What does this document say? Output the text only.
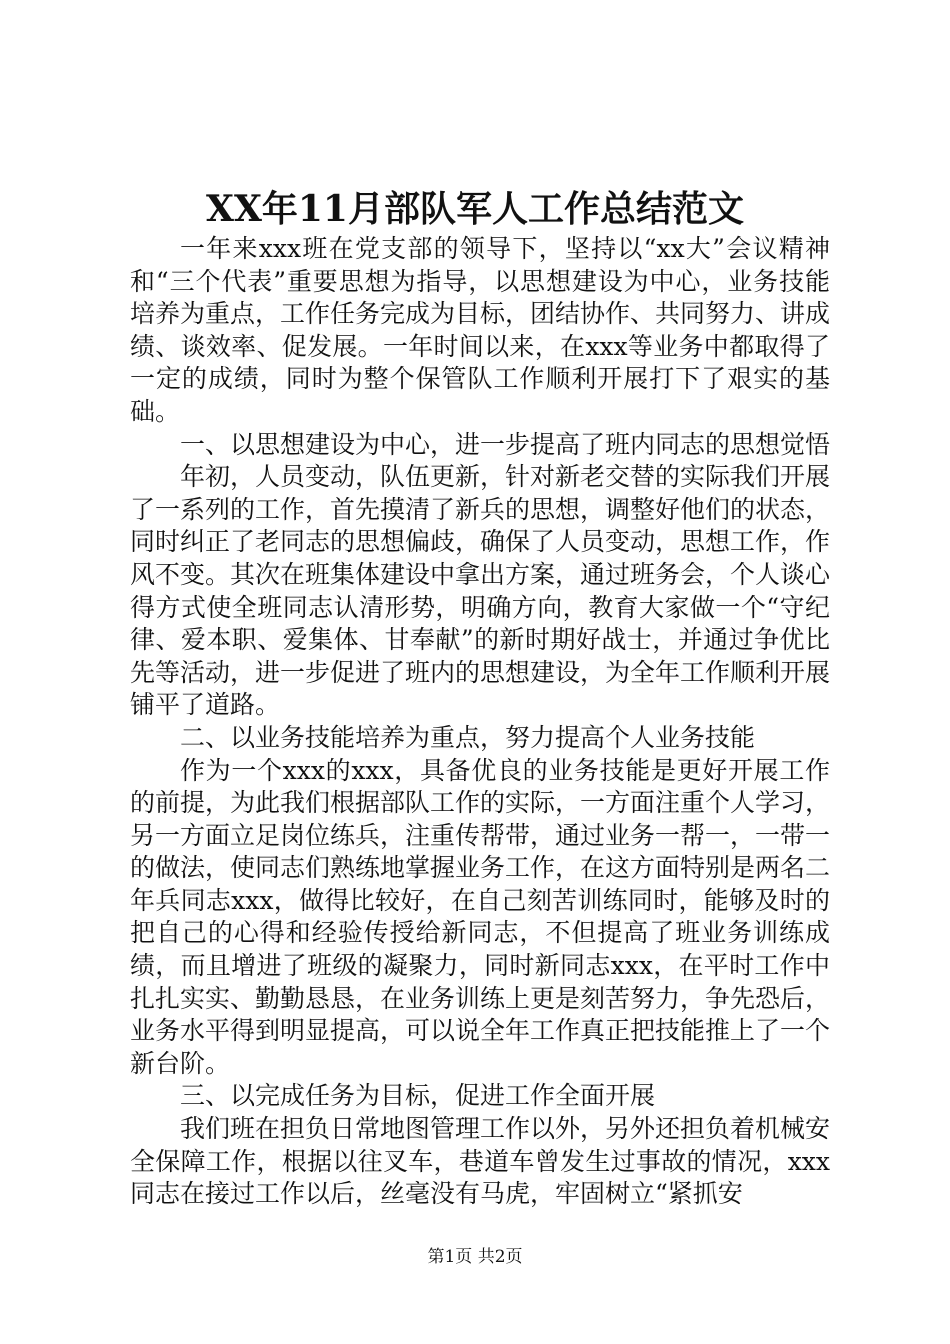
XX年11月部队军人工作总结范文

一年来xxx班在党支部的领导下，坚持以“xx大”会议精神和“三个代表”重要思想为指导，以思想建设为中心，业务技能培养为重点，工作任务完成为目标，团结协作、共同努力、讲成绩、谈效率、促发展。一年时间以来，在xxx等业务中都取得了一定的成绩，同时为整个保管队工作顺利开展打下了艰实的基础。

一、以思想建设为中心，进一步提高了班内同志的思想觉悟

年初，人员变动，队伍更新，针对新老交替的实际我们开展了一系列的工作，首先摸清了新兵的思想，调整好他们的状态，同时纠正了老同志的思想偏歧，确保了人员变动，思想工作，作风不变。其次在班集体建设中拿出方案，通过班务会，个人谈心得方式使全班同志认清形势，明确方向，教育大家做一个“守纪律、爱本职、爱集体、甘奉献”的新时期好战士，并通过争优比先等活动，进一步促进了班内的思想建设，为全年工作顺利开展铺平了道路。

二、以业务技能培养为重点，努力提高个人业务技能

作为一个xxx的xxx，具备优良的业务技能是更好开展工作的前提，为此我们根据部队工作的实际，一方面注重个人学习，另一方面立足岗位练兵，注重传帮带，通过业务一帮一，一带一的做法，使同志们熟练地掌握业务工作，在这方面特别是两名二年兵同志xxx，做得比较好，在自己刻苦训练同时，能够及时的把自己的心得和经验传授给新同志，不但提高了班业务训练成绩，而且增进了班级的凝聚力，同时新同志xxx，在平时工作中扎扎实实、勤勤恳恳，在业务训练上更是刻苦努力，争先恐后，业务水平得到明显提高，可以说全年工作真正把技能推上了一个新台阶。

三、以完成任务为目标，促进工作全面开展

我们班在担负日常地图管理工作以外，另外还担负着机械安全保障工作，根据以往叉车，巷道车曾发生过事故的情况，xxx同志在接过工作以后，丝毫没有马虎，牢固树立“紧抓安

第1页 共2页
